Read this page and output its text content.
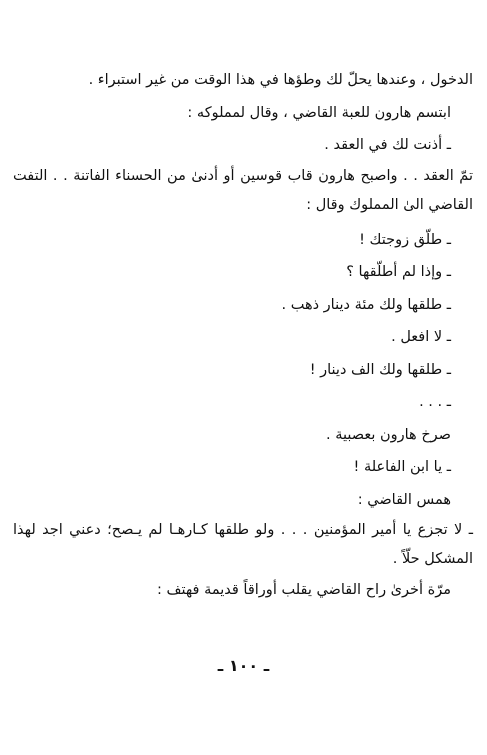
الدخول ، وعندها يحلّ لك وطؤها في هذا الوقت من غير استبراء .

ابتسم هارون للعبة القاضي ، وقال لمملوكه :

ـ أذنت لك في العقد .

تمّ العقد . . واصبح هارون قاب قوسين أو أدنىٰ من الحسناء الفاتنة . . التفت القاضي الىٰ المملوك وقال :

ـ طلّق زوجتك !

ـ وإذا لم أطلّقها ؟

ـ طلقها ولك مئة دينار ذهب .

ـ لا افعل .

ـ طلقها ولك الف دينار !

ـ . . .

صرخ هارون بعصبية .

ـ يا ابن الفاعلة !

همس القاضي :

ـ لا تجزع يا أمير المؤمنين . . . ولو طلقها كـارهـا لم يـصح؛ دعني اجد لهذا المشكل حلّاً .

مرّة أخرىٰ راح القاضي يقلب أوراقاً قديمة فهتف :

ـ ١٠٠ ـ
